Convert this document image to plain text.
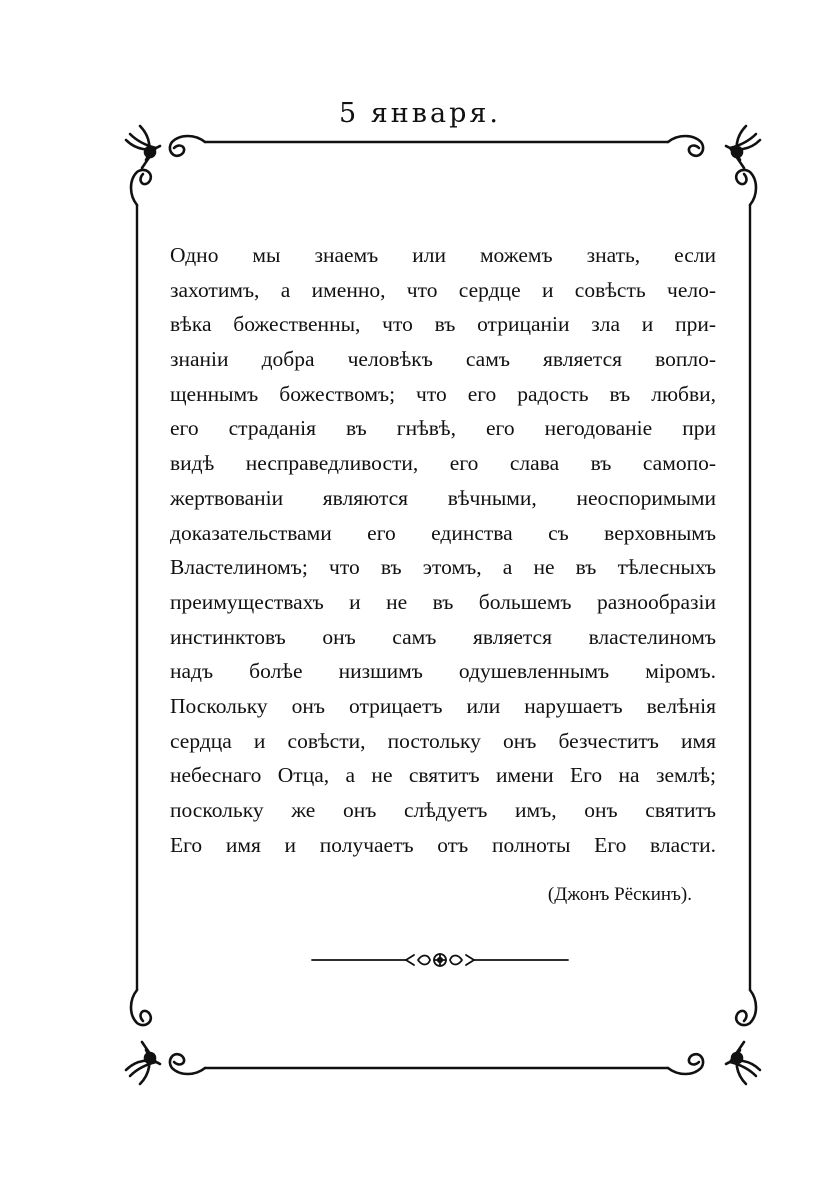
5 января.
Одно мы знаемъ или можемъ знать, если
захотимъ, а именно, что сердце и совѣсть чело-
вѣка божественны, что въ отрицаніи зла и при-
знаніи добра человѣкъ самъ является вопло-
щеннымъ божествомъ; что его радость въ любви,
его страданія въ гнѣвѣ, его негодованіе при
видѣ несправедливости, его слава въ самопо-
жертвованіи являются вѣчными, неоспоримыми
доказательствами его единства съ верховнымъ
Властелиномъ; что въ этомъ, а не въ тѣлесныхъ
преимуществахъ и не въ большемъ разнообразіи
инстинктовъ онъ самъ является властелиномъ
надъ болѣе низшимъ одушевленнымъ міромъ.
Поскольку онъ отрицаетъ или нарушаетъ велѣнія
сердца и совѣсти, постольку онъ безчеститъ имя
небеснаго Отца, а не святитъ имени Его на землѣ;
поскольку же онъ слѣдуетъ имъ, онъ святитъ
Его имя и получаетъ отъ полноты Его власти.
(Джонъ Рёскинъ).
